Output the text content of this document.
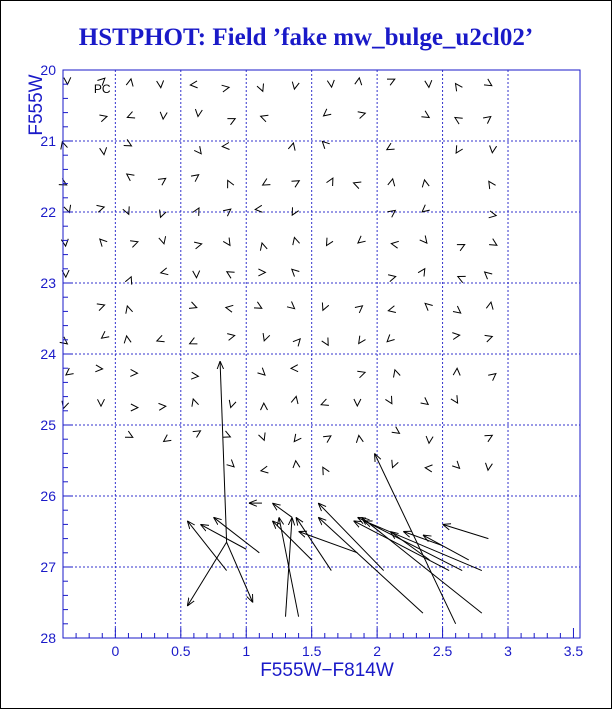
HSTPHOT: Field ’fake mw_bulge_u2cl02’
0	0.5	1	1.5	2	2.5	3	3.5
20
21
22
23
24
25
26
27
28
PC
F555W−F814W
F555W
